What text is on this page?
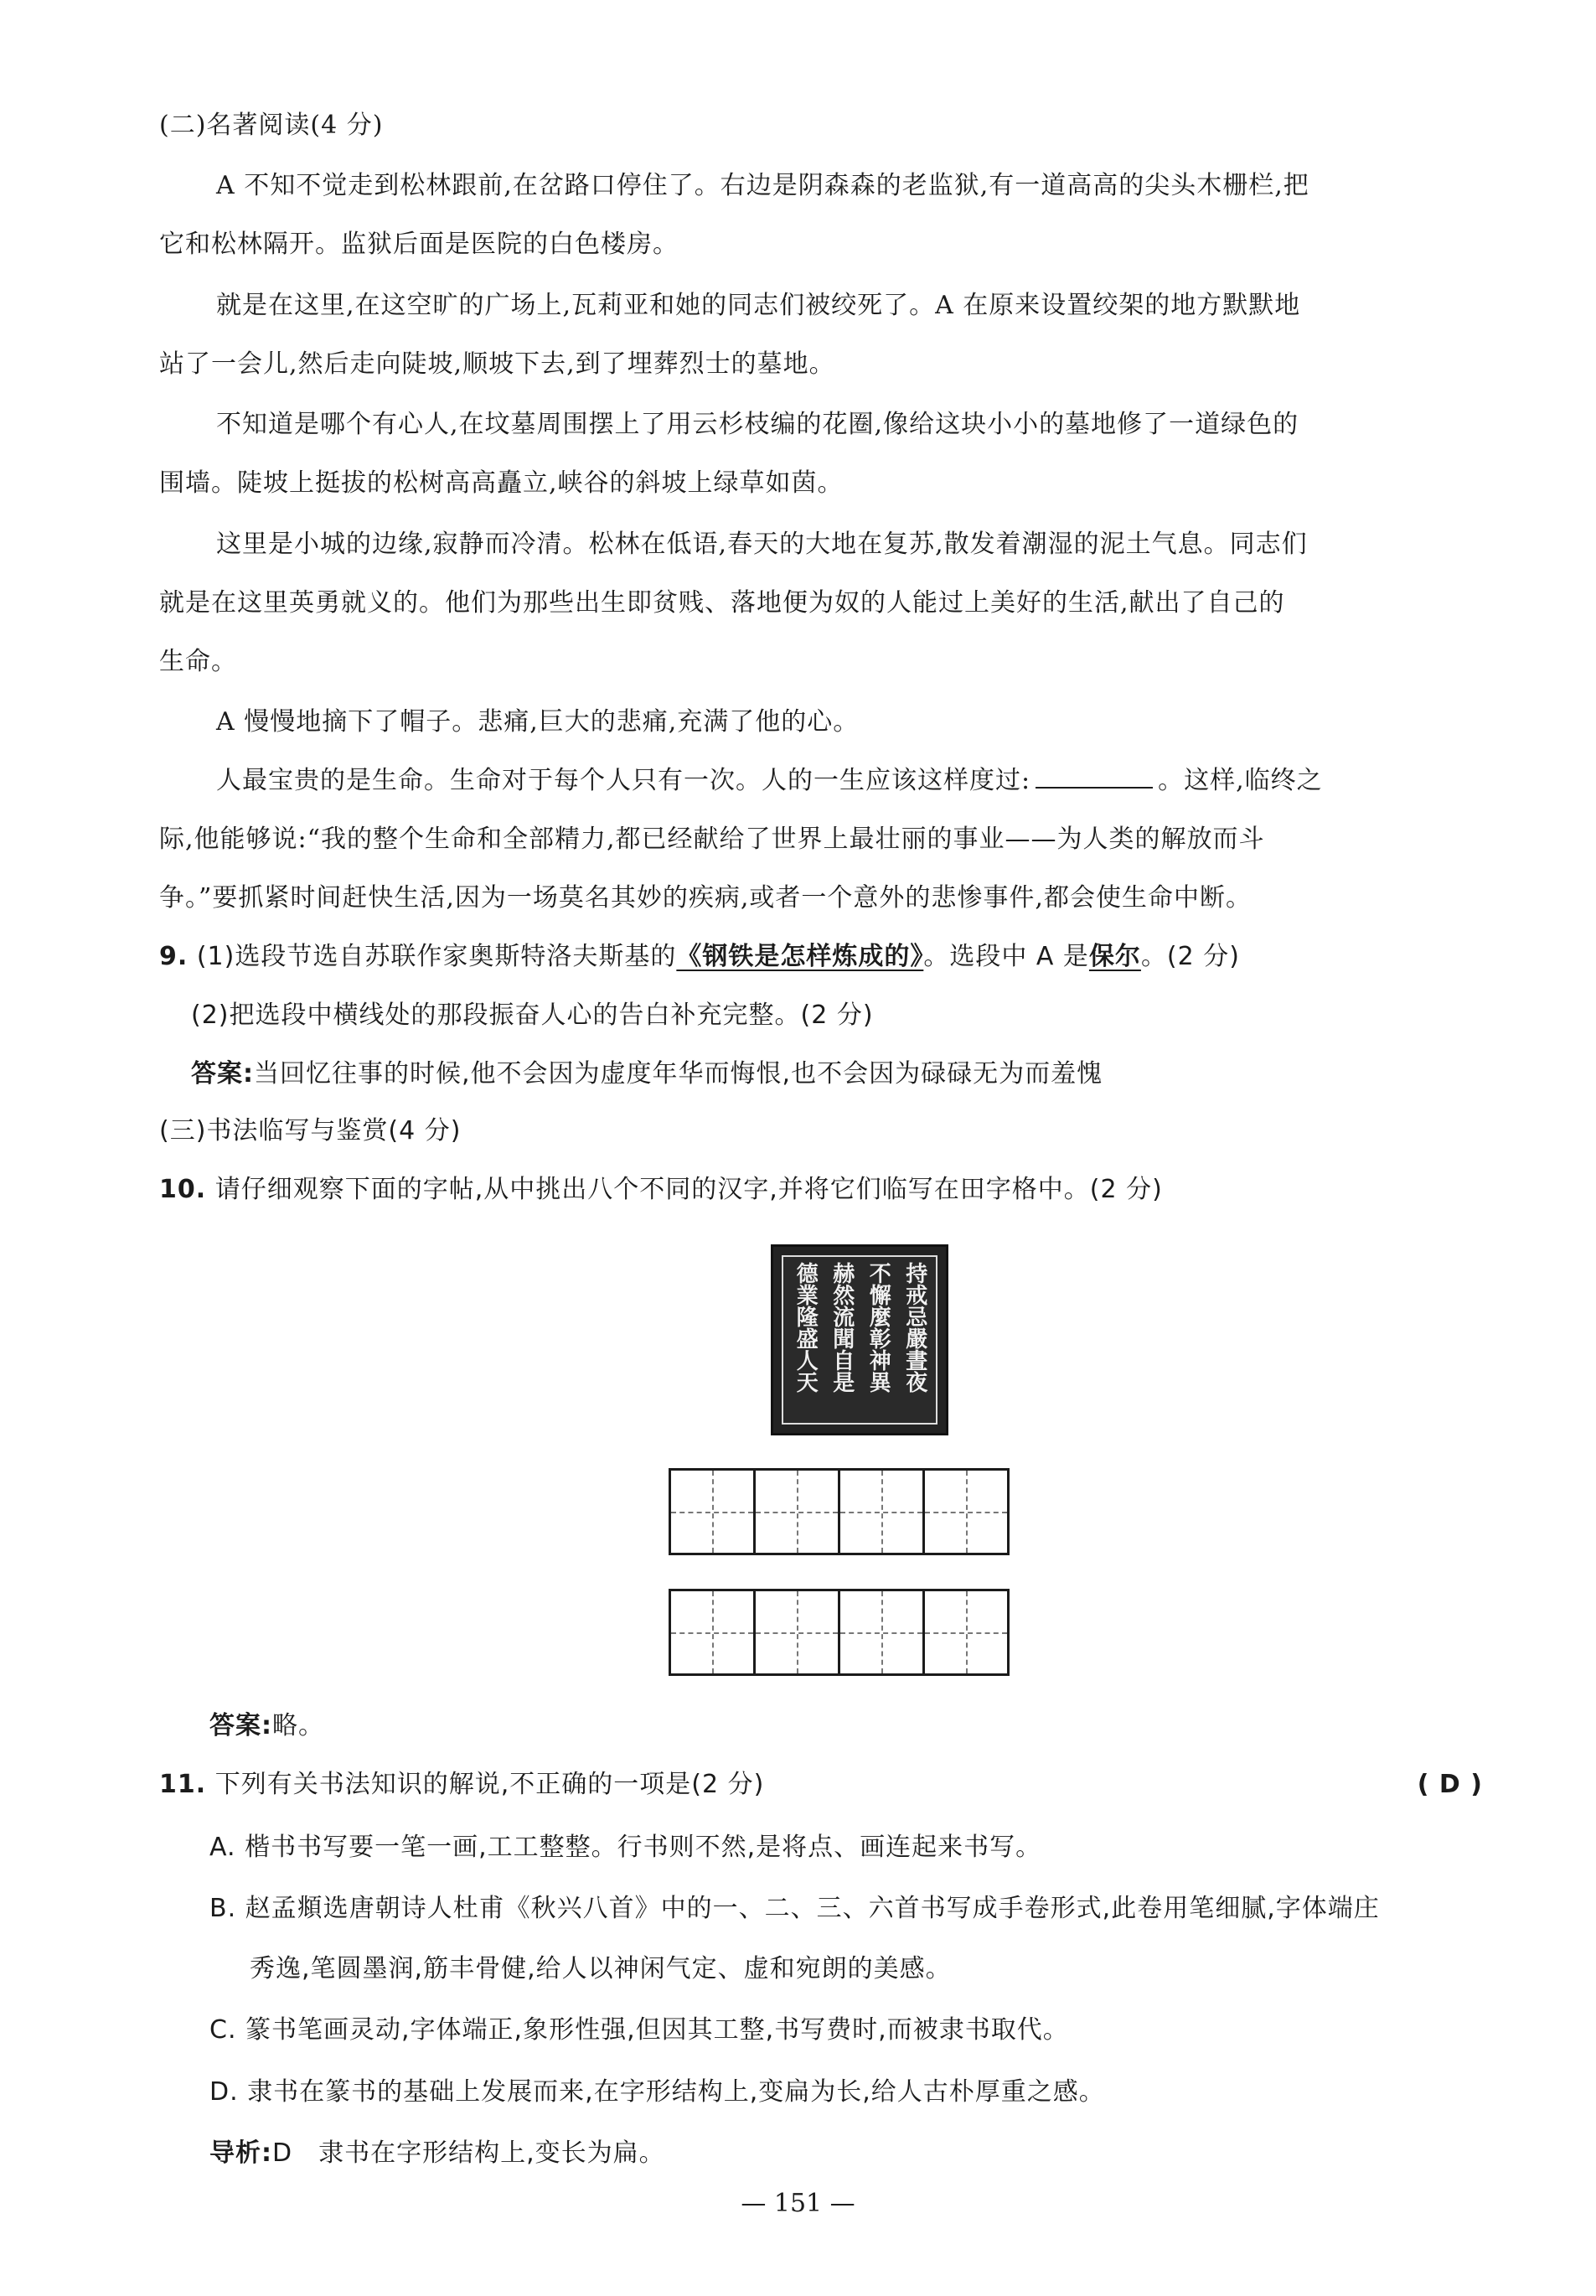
(二)名著阅读(4 分)
A 不知不觉走到松林跟前,在岔路口停住了。右边是阴森森的老监狱,有一道高高的尖头木栅栏,把
它和松林隔开。监狱后面是医院的白色楼房。
就是在这里,在这空旷的广场上,瓦莉亚和她的同志们被绞死了。A 在原来设置绞架的地方默默地
站了一会儿,然后走向陡坡,顺坡下去,到了埋葬烈士的墓地。
不知道是哪个有心人,在坟墓周围摆上了用云杉枝编的花圈,像给这块小小的墓地修了一道绿色的
围墙。陡坡上挺拔的松树高高矗立,峡谷的斜坡上绿草如茵。
这里是小城的边缘,寂静而冷清。松林在低语,春天的大地在复苏,散发着潮湿的泥土气息。同志们
就是在这里英勇就义的。他们为那些出生即贫贱、落地便为奴的人能过上美好的生活,献出了自己的
生命。
A 慢慢地摘下了帽子。悲痛,巨大的悲痛,充满了他的心。
人最宝贵的是生命。生命对于每个人只有一次。人的一生应该这样度过:	。这样,临终之
际,他能够说:“我的整个生命和全部精力,都已经献给了世界上最壮丽的事业——为人类的解放而斗
争。”要抓紧时间赶快生活,因为一场莫名其妙的疾病,或者一个意外的悲惨事件,都会使生命中断。
9. (1)选段节选自苏联作家奥斯特洛夫斯基的《钢铁是怎样炼成的》。选段中 A 是保尔。(2 分)
(2)把选段中横线处的那段振奋人心的告白补充完整。(2 分)
答案:当回忆往事的时候,他不会因为虚度年华而悔恨,也不会因为碌碌无为而羞愧
(三)书法临写与鉴赏(4 分)
10. 请仔细观察下面的字帖,从中挑出八个不同的汉字,并将它们临写在田字格中。(2 分)
持戒忌嚴晝夜
不懈麼彰神異
赫然流聞自是
德業隆盛人天
答案:略。
11. 下列有关书法知识的解说,不正确的一项是(2 分)	( D )
A. 楷书书写要一笔一画,工工整整。行书则不然,是将点、画连起来书写。
B. 赵孟頫选唐朝诗人杜甫《秋兴八首》中的一、二、三、六首书写成手卷形式,此卷用笔细腻,字体端庄
秀逸,笔圆墨润,筋丰骨健,给人以神闲气定、虚和宛朗的美感。
C. 篆书笔画灵动,字体端正,象形性强,但因其工整,书写费时,而被隶书取代。
D. 隶书在篆书的基础上发展而来,在字形结构上,变扁为长,给人古朴厚重之感。
导析:D　隶书在字形结构上,变长为扁。
— 151 —
